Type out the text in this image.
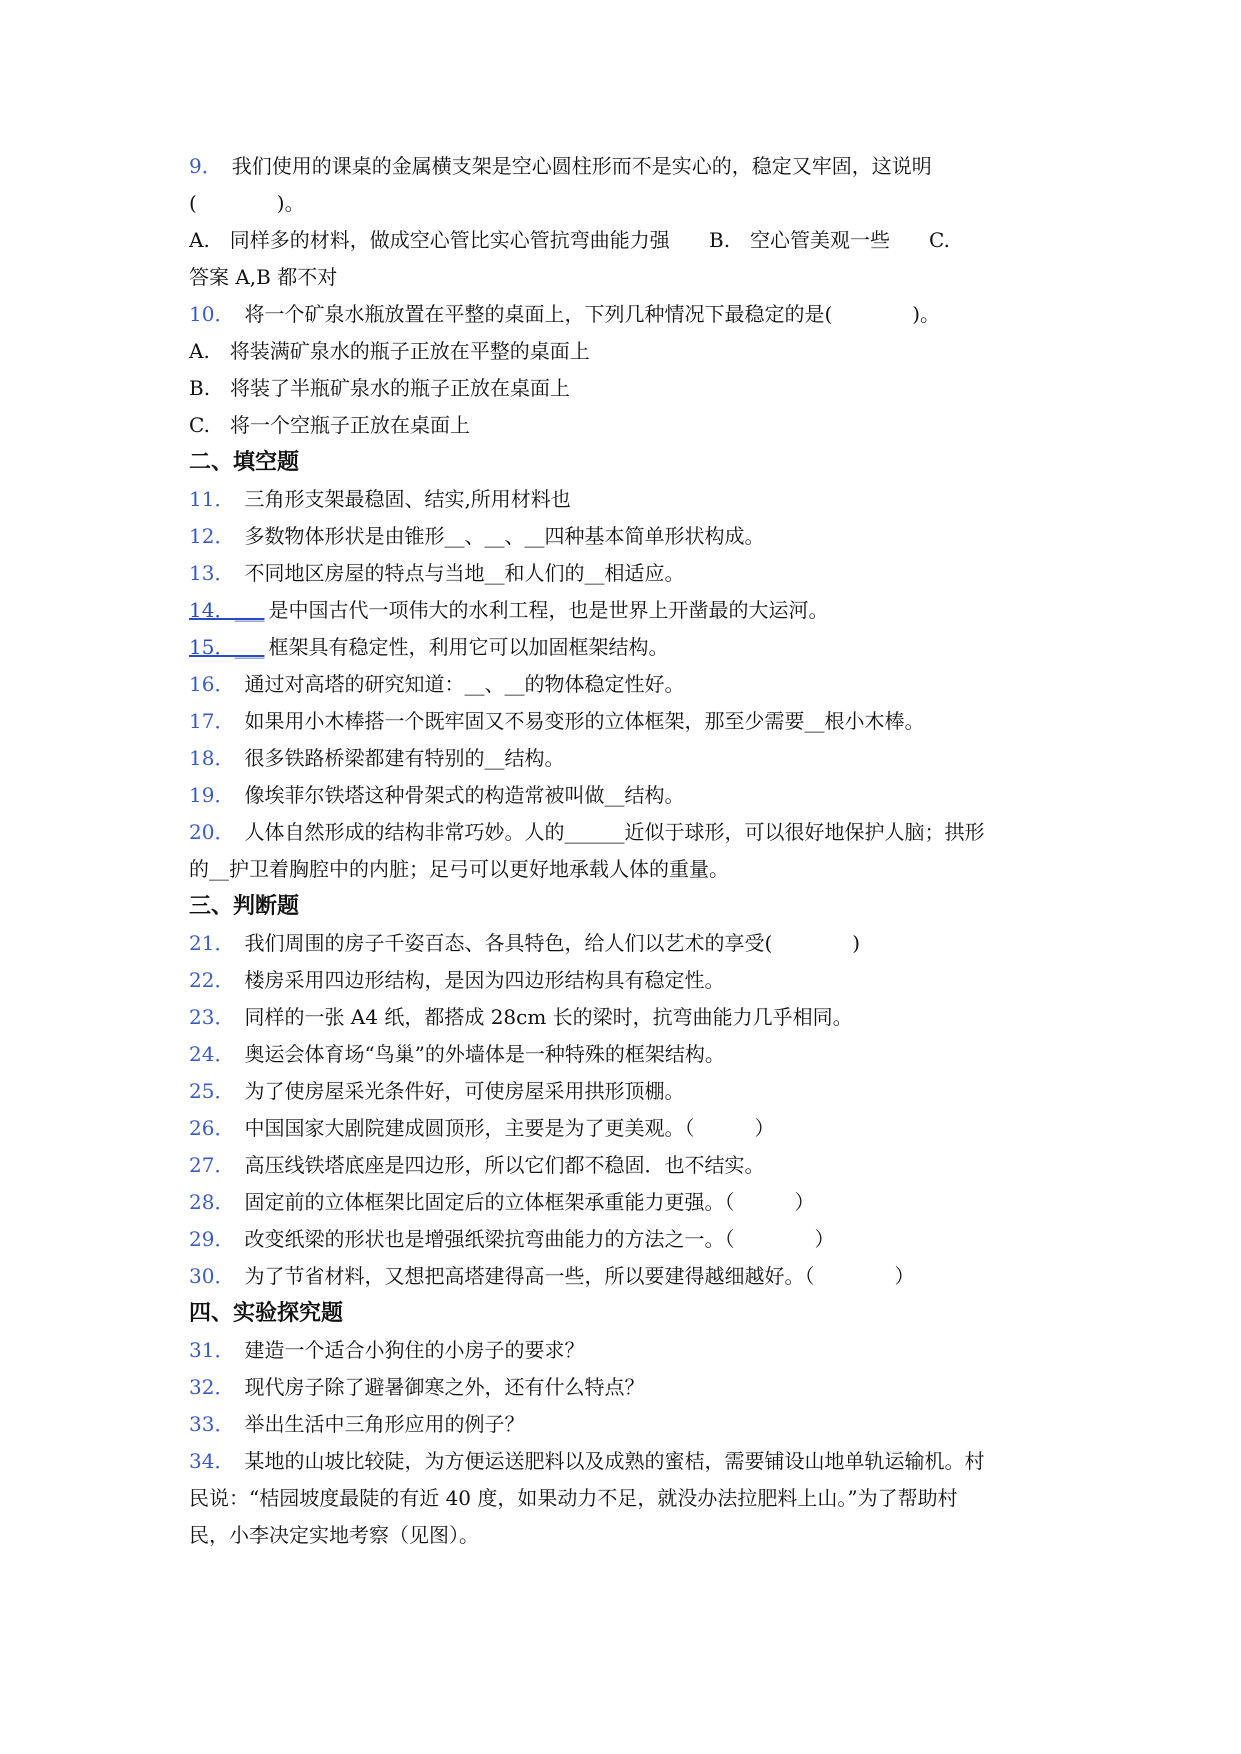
9． 我们使用的课桌的金属横支架是空心圆柱形而不是实心的，稳定又牢固，这说明
(　　　　)。
A.　同样多的材料，做成空心管比实心管抗弯曲能力强 B.　空心管美观一些 C.
答案 A,B 都不对
10． 将一个矿泉水瓶放置在平整的桌面上，下列几种情况下最稳定的是(　　　　)。
A.　将装满矿泉水的瓶子正放在平整的桌面上
B.　将装了半瓶矿泉水的瓶子正放在桌面上
C.　将一个空瓶子正放在桌面上
二、填空题
11． 三角形支架最稳固、结实,所用材料也
12． 多数物体形状是由锥形__、__、__四种基本简单形状构成。
13． 不同地区房屋的特点与当地__和人们的__相适应。
14．___ 是中国古代一项伟大的水利工程，也是世界上开凿最的大运河。
15．___ 框架具有稳定性，利用它可以加固框架结构。
16． 通过对高塔的研究知道：__、__的物体稳定性好。
17． 如果用小木棒搭一个既牢固又不易变形的立体框架，那至少需要__根小木棒。
18． 很多铁路桥梁都建有特别的__结构。
19． 像埃菲尔铁塔这种骨架式的构造常被叫做__结构。
20． 人体自然形成的结构非常巧妙。人的______近似于球形，可以很好地保护人脑；拱形
的__护卫着胸腔中的内脏；足弓可以更好地承载人体的重量。
三、判断题
21． 我们周围的房子千姿百态、各具特色，给人们以艺术的享受(　　　　)
22． 楼房采用四边形结构，是因为四边形结构具有稳定性。
23． 同样的一张 A4 纸，都搭成 28cm 长的梁时，抗弯曲能力几乎相同。
24． 奥运会体育场“鸟巢”的外墙体是一种特殊的框架结构。
25． 为了使房屋采光条件好，可使房屋采用拱形顶棚。
26． 中国国家大剧院建成圆顶形，主要是为了更美观。（　　　）
27． 高压线铁塔底座是四边形，所以它们都不稳固．也不结实。
28． 固定前的立体框架比固定后的立体框架承重能力更强。（　　　）
29． 改变纸梁的形状也是增强纸梁抗弯曲能力的方法之一。（　　　　）
30． 为了节省材料，又想把高塔建得高一些，所以要建得越细越好。（　　　　）
四、实验探究题
31． 建造一个适合小狗住的小房子的要求？
32． 现代房子除了避暑御寒之外，还有什么特点？
33． 举出生活中三角形应用的例子？
34． 某地的山坡比较陡，为方便运送肥料以及成熟的蜜桔，需要铺设山地单轨运输机。村
民说：“桔园坡度最陡的有近 40 度，如果动力不足，就没办法拉肥料上山。”为了帮助村
民，小李决定实地考察（见图）。
